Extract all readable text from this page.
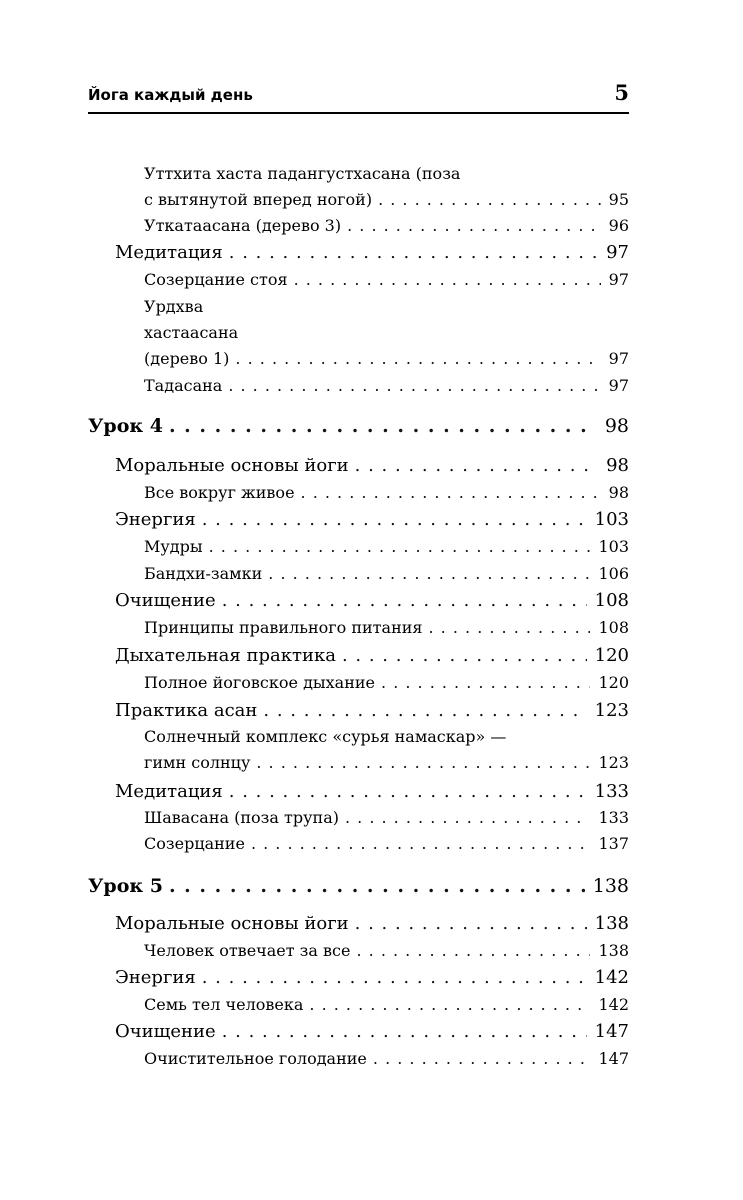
Йога каждый день	5
Уттхита хаста падангустхасана (поза
с вытянутой вперед ногой) . . .	95
Уткатаасана (дерево 3) . . .	96
Медитация . . .	97
Созерцание стоя . . .	97
Урдхва
хастаасана
(дерево 1) . . .	97
Тадасана . . .	97
Урок 4 . . .	98
Моральные основы йоги . . .	98
Все вокруг живое . . .	98
Энергия . . .	103
Мудры . . .	103
Бандхи-замки . . .	106
Очищение . . .	108
Принципы правильного питания . . .	108
Дыхательная практика . . .	120
Полное йоговское дыхание . . .	120
Практика асан . . .	123
Солнечный комплекс «сурья намаскар» —
гимн солнцу . . .	123
Медитация . . .	133
Шавасана (поза трупа) . . .	133
Созерцание . . .	137
Урок 5 . . .	138
Моральные основы йоги . . .	138
Человек отвечает за все . . .	138
Энергия . . .	142
Семь тел человека . . .	142
Очищение . . .	147
Очистительное голодание . . .	147
